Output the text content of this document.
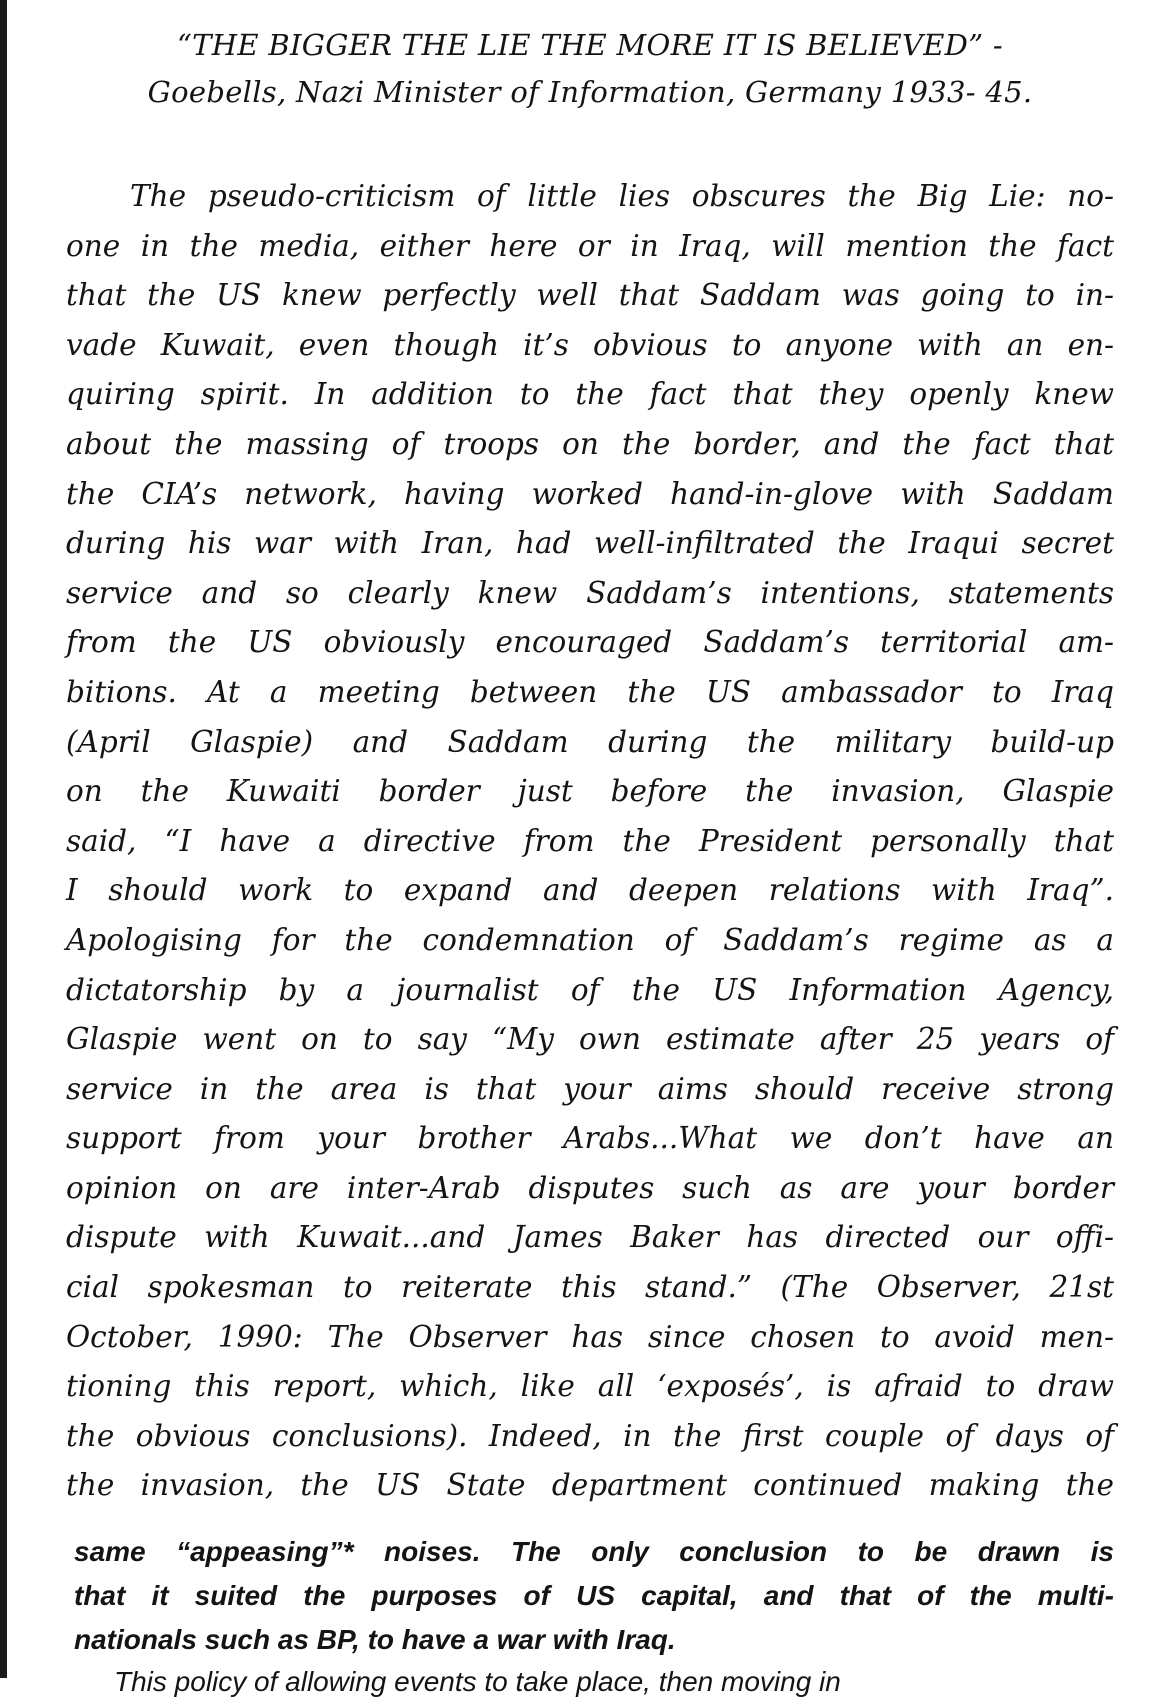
“THE BIGGER THE LIE THE MORE IT IS BELIEVED” -
Goebells, Nazi Minister of Information, Germany 1933- 45.
The pseudo-criticism of little lies obscures the Big Lie: no-
one in the media, either here or in Iraq, will mention the fact
that the US knew perfectly well that Saddam was going to in-
vade Kuwait, even though it’s obvious to anyone with an en-
quiring spirit. In addition to the fact that they openly knew
about the massing of troops on the border, and the fact that
the CIA’s network, having worked hand-in-glove with Saddam
during his war with Iran, had well-infiltrated the Iraqui secret
service and so clearly knew Saddam’s intentions, statements
from the US obviously encouraged Saddam’s territorial am-
bitions. At a meeting between the US ambassador to Iraq
(April Glaspie) and Saddam during the military build-up
on the Kuwaiti border just before the invasion, Glaspie
said, “I have a directive from the President personally that
I should work to expand and deepen relations with Iraq”.
Apologising for the condemnation of Saddam’s regime as a
dictatorship by a journalist of the US Information Agency,
Glaspie went on to say “My own estimate after 25 years of
service in the area is that your aims should receive strong
support from your brother Arabs...What we don’t have an
opinion on are inter-Arab disputes such as are your border
dispute with Kuwait...and James Baker has directed our offi-
cial spokesman to reiterate this stand.” (The Observer, 21st
October, 1990: The Observer has since chosen to avoid men-
tioning this report, which, like all ‘exposés’, is afraid to draw
the obvious conclusions). Indeed, in the first couple of days of
the invasion, the US State department continued making the
same “appeasing”* noises. The only conclusion to be drawn is
that it suited the purposes of US capital, and that of the multi-
nationals such as BP, to have a war with Iraq.
This policy of allowing events to take place, then moving in
